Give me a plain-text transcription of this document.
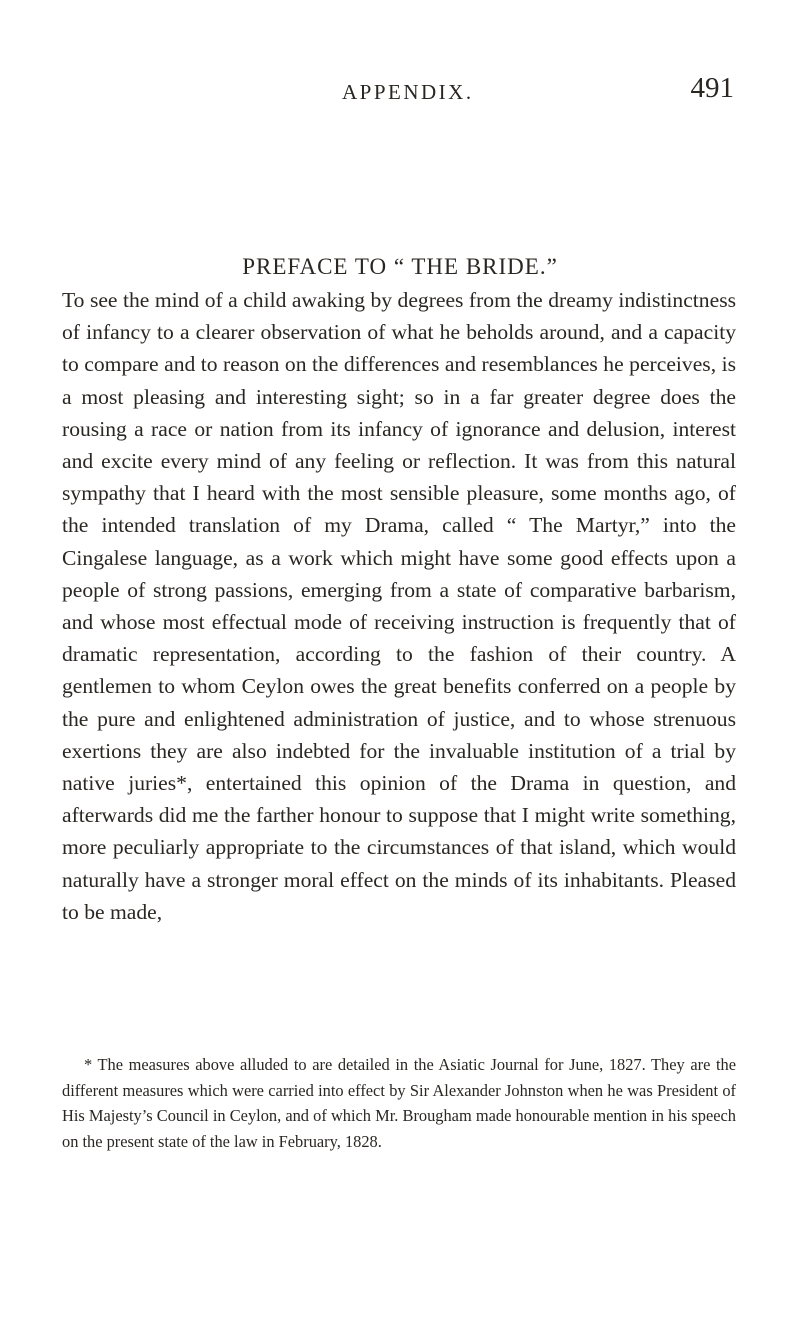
APPENDIX.	491
PREFACE TO “ THE BRIDE.”

To see the mind of a child awaking by degrees from the dreamy indistinctness of infancy to a clearer observation of what he beholds around, and a capacity to compare and to reason on the differences and resemblances he perceives, is a most pleasing and interesting sight; so in a far greater degree does the rousing a race or nation from its infancy of ignorance and delusion, interest and excite every mind of any feeling or reflection. It was from this natural sympathy that I heard with the most sensible pleasure, some months ago, of the intended translation of my Drama, called “ The Martyr,” into the Cingalese language, as a work which might have some good effects upon a people of strong passions, emerging from a state of comparative barbarism, and whose most effectual mode of receiving instruction is frequently that of dramatic representation, according to the fashion of their country. A gentlemen to whom Ceylon owes the great benefits conferred on a people by the pure and enlightened administration of justice, and to whose strenuous exertions they are also indebted for the invaluable institution of a trial by native juries*, entertained this opinion of the Drama in question, and afterwards did me the farther honour to suppose that I might write something, more peculiarly appropriate to the circumstances of that island, which would naturally have a stronger moral effect on the minds of its inhabitants. Pleased to be made,

* The measures above alluded to are detailed in the Asiatic Journal for June, 1827. They are the different measures which were carried into effect by Sir Alexander Johnston when he was President of His Majesty’s Council in Ceylon, and of which Mr. Brougham made honourable mention in his speech on the present state of the law in February, 1828.
